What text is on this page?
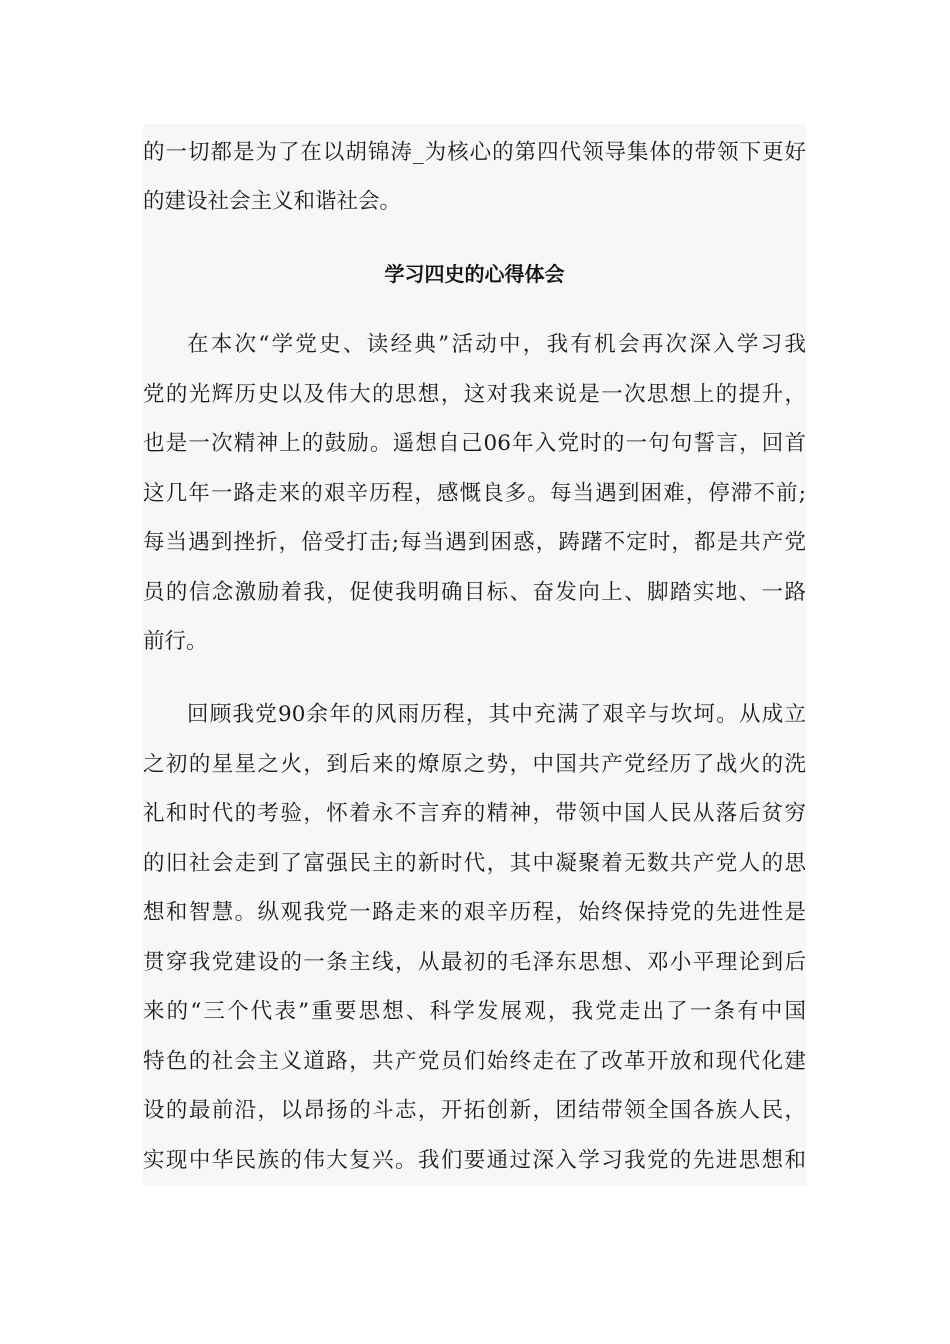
的一切都是为了在以胡锦涛_为核心的第四代领导集体的带领下更好
的建设社会主义和谐社会。
学习四史的心得体会
在本次“学党史、读经典”活动中，我有机会再次深入学习我
党的光辉历史以及伟大的思想，这对我来说是一次思想上的提升，
也是一次精神上的鼓励。遥想自己06年入党时的一句句誓言，回首
这几年一路走来的艰辛历程，感慨良多。每当遇到困难，停滞不前;
每当遇到挫折，倍受打击;每当遇到困惑，踌躇不定时，都是共产党
员的信念激励着我，促使我明确目标、奋发向上、脚踏实地、一路
前行。
回顾我党90余年的风雨历程，其中充满了艰辛与坎坷。从成立
之初的星星之火，到后来的燎原之势，中国共产党经历了战火的洗
礼和时代的考验，怀着永不言弃的精神，带领中国人民从落后贫穷
的旧社会走到了富强民主的新时代，其中凝聚着无数共产党人的思
想和智慧。纵观我党一路走来的艰辛历程，始终保持党的先进性是
贯穿我党建设的一条主线，从最初的毛泽东思想、邓小平理论到后
来的“三个代表”重要思想、科学发展观，我党走出了一条有中国
特色的社会主义道路，共产党员们始终走在了改革开放和现代化建
设的最前沿，以昂扬的斗志，开拓创新，团结带领全国各族人民，
实现中华民族的伟大复兴。我们要通过深入学习我党的先进思想和
